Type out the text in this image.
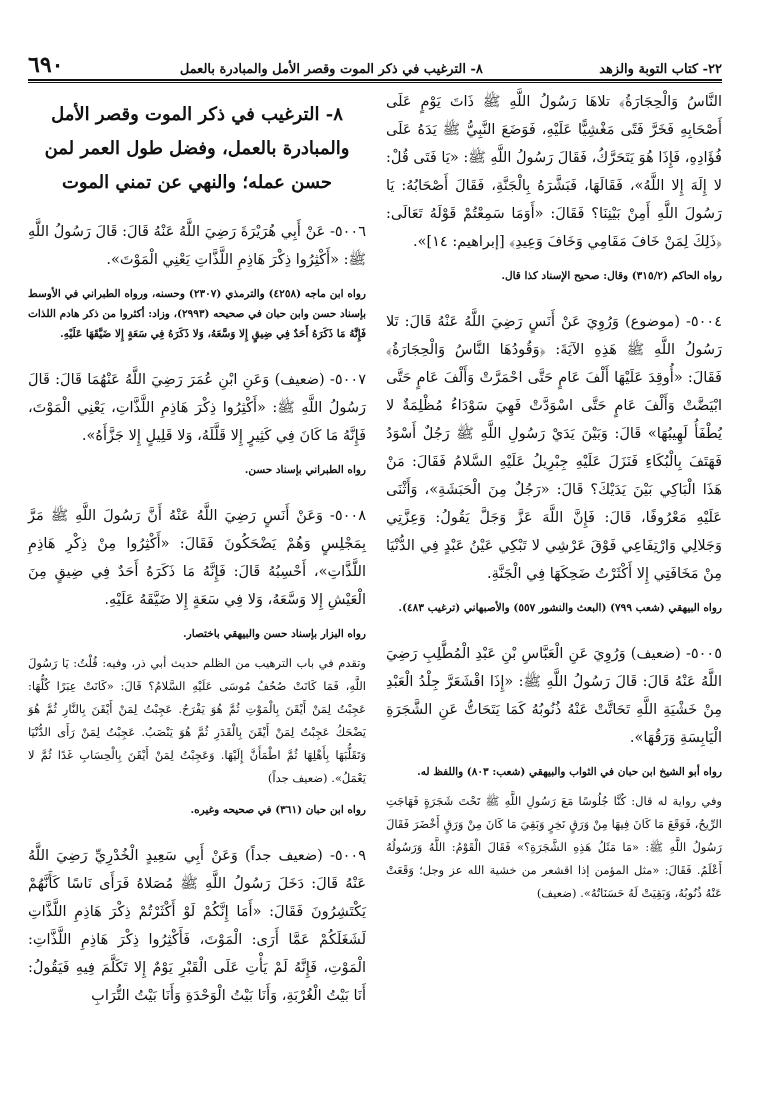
٢٢- كتاب التوبة والزهد
٨- الترغيب في ذكر الموت وقصر الأمل والمبادرة بالعمل
٦٩٠
النَّاسُ وَالْحِجَارَةُ﴾ تلاهَا رَسُولُ اللَّهِ ﷺ ذَاتَ يَوْمٍ عَلَى أَصْحَابِهِ فَخَرَّ فَتًى مَغْشِيًّا عَلَيْهِ، فَوَضَعَ النَّبِيُّ ﷺ يَدَهُ عَلَى فُؤَادِهِ، فَإِذَا هُوَ يَتَحَرَّكُ، فَقَالَ رَسُولُ اللَّهِ ﷺ: «يَا فَتَى قُلْ: لا إِلَهَ إِلا اللَّهُ»، فَقَالَهَا، فَبَشَّرَهُ بِالْجَنَّةِ، فَقَالَ أَصْحَابُهُ: يَا رَسُولَ اللَّهِ أَمِنْ بَيْنِنَا؟ فَقَالَ: «أَوَمَا سَمِعْتُمْ قَوْلَهُ تَعَالَى: ﴿ذَلِكَ لِمَنْ خَافَ مَقَامِي وَخَافَ وَعِيدِ﴾ [إبراهيم: ١٤]».
رواه الحاكم (٣١٥/٢) وقال: صحيح الإسناد كذا قال.
٥٠٠٤- (موضوع) وَرُوِيَ عَنْ أَنَسٍ رَضِيَ اللَّهُ عَنْهُ قَالَ: تَلا رَسُولُ اللَّهِ ﷺ هَذِهِ الآيَةَ: ﴿وَقُودُهَا النَّاسُ وَالْحِجَارَةُ﴾ فَقَالَ: «أُوقِدَ عَلَيْهَا أَلْفَ عَامٍ حَتَّى احْمَرَّتْ وَأَلْفَ عَامٍ حَتَّى ابْيَضَّتْ وَأَلْفَ عَامٍ حَتَّى اسْوَدَّتْ فَهِيَ سَوْدَاءُ مُظْلِمَةٌ لا يُطْفَأُ لَهِيبُهَا» قَالَ: وَبَيْنَ يَدَيْ رَسُولِ اللَّهِ ﷺ رَجُلٌ أَسْوَدُ فَهَتَفَ بِالْبُكَاءِ فَنَزَلَ عَلَيْهِ جِبْرِيلُ عَلَيْهِ السَّلامُ فَقَالَ: مَنْ هَذَا الْبَاكِي بَيْنَ يَدَيْكَ؟ قَالَ: «رَجُلٌ مِنَ الْحَبَشَةِ»، وَأَثْنَى عَلَيْهِ مَعْرُوفًا، قَالَ: فَإِنَّ اللَّهَ عَزَّ وَجَلَّ يَقُولُ: وَعِزَّتِي وَجَلالِي وَارْتِفَاعِي فَوْقَ عَرْشِي لا تَبْكِي عَيْنُ عَبْدٍ فِي الدُّنْيَا مِنْ مَخَافَتِي إِلا أَكْثَرْتُ ضَحِكَهَا فِي الْجَنَّةِ.
رواه البيهقي (شعب ٧٩٩) (البعث والنشور ٥٥٧) والأصبهاني (ترغيب ٤٨٣).
٥٠٠٥- (ضعيف) وَرُوِيَ عَنِ الْعَبَّاسِ بْنِ عَبْدِ الْمُطَّلِبِ رَضِيَ اللَّهُ عَنْهُ قَالَ: قَالَ رَسُولُ اللَّهِ ﷺ: «إِذَا اقْشَعَرَّ جِلْدُ الْعَبْدِ مِنْ خَشْيَةِ اللَّهِ تَحَاتَّتْ عَنْهُ ذُنُوبُهُ كَمَا يَتَحَاتُّ عَنِ الشَّجَرَةِ الْيَابِسَةِ وَرَقُهَا».
رواه أبو الشيخ ابن حبان في الثواب والبيهقي (شعب: ٨٠٣) واللفظ له.
وفي رواية له قال: كُنَّا جُلُوسًا مَعَ رَسُولِ اللَّهِ ﷺ تَحْتَ شَجَرَةٍ فَهَاجَتِ الرِّيحُ، فَوَقَعَ مَا كَانَ فِيهَا مِنْ وَرَقٍ نَخِرٍ وَبَقِيَ مَا كَانَ مِنْ وَرَقٍ أَخْضَرَ فَقَالَ رَسُولُ اللَّهِ ﷺ: «مَا مَثَلُ هَذِهِ الشَّجَرَةِ؟» فَقَالَ الْقَوْمُ: اللَّهُ وَرَسُولُهُ أَعْلَمُ. فَقَالَ: «مثل المؤمن إذا اقشعر من خشية الله عز وجل؛ وَقَعَتْ عَنْهُ ذُنُوبُهُ، وَبَقِيَتْ لَهُ حَسَنَاتُهُ». (ضعيف)
٨- الترغيب في ذكر الموت وقصر الأمل والمبادرة بالعمل، وفضل طول العمر لمن حسن عمله؛ والنهي عن تمني الموت
٥٠٠٦- عَنْ أَبِي هُرَيْرَةَ رَضِيَ اللَّهُ عَنْهُ قَالَ: قَالَ رَسُولُ اللَّهِ ﷺ: «أَكْثِرُوا ذِكْرَ هَاذِمِ اللَّذَّاتِ يَعْنِي الْمَوْتَ».
رواه ابن ماجه (٤٢٥٨) والترمذي (٢٣٠٧) وحسنه، ورواه الطبراني في الأوسط بإسناد حسن وابن حبان في صحيحه (٢٩٩٣)، وزاد: أكثروا من ذكر هادم اللذات فَإِنَّهُ مَا ذَكَرَهُ أَحَدٌ فِي ضِيقٍ إِلا وَسَّعَهُ، وَلا ذَكَرَهُ فِي سَعَةٍ إِلا ضَيَّقَهَا عَلَيْهِ.
٥٠٠٧- (ضعيف) وَعَنِ ابْنِ عُمَرَ رَضِيَ اللَّهُ عَنْهُمَا قَالَ: قَالَ رَسُولُ اللَّهِ ﷺ: «أَكْثِرُوا ذِكْرَ هَاذِمِ اللَّذَّاتِ، يَعْنِي الْمَوْتَ، فَإِنَّهُ مَا كَانَ فِي كَثِيرٍ إِلا قَلَّلَهُ، وَلا قَلِيلٍ إِلا جَزَّأَهُ».
رواه الطبراني بإسناد حسن.
٥٠٠٨- وَعَنْ أَنَسٍ رَضِيَ اللَّهُ عَنْهُ أَنَّ رَسُولَ اللَّهِ ﷺ مَرَّ بِمَجْلِسٍ وَهُمْ يَضْحَكُونَ فَقَالَ: «أَكْثِرُوا مِنْ ذِكْرِ هَاذِمِ اللَّذَّاتِ»، أَحْسِبُهُ قَالَ: فَإِنَّهُ مَا ذَكَرَهُ أَحَدٌ فِي ضِيقٍ مِنَ الْعَيْشِ إِلا وَسَّعَهُ، وَلا فِي سَعَةٍ إِلا ضَيَّقَهُ عَلَيْهِ.
رواه البزار بإسناد حسن والبيهقي باختصار.
وتقدم في باب الترهيب من الظلم حديث أبي ذر، وفيه: قُلْتُ: يَا رَسُولَ اللَّهِ، فَمَا كَانَتْ صُحُفُ مُوسَى عَلَيْهِ السَّلامُ؟ قَالَ: «كَانَتْ عِبَرًا كُلُّهَا: عَجِبْتُ لِمَنْ أَيْقَنَ بِالْمَوْتِ ثُمَّ هُوَ يَفْرَحُ. عَجِبْتُ لِمَنْ أَيْقَنَ بِالنَّارِ ثُمَّ هُوَ يَضْحَكُ عَجِبْتُ لِمَنْ أَيْقَنَ بِالْقَدَرِ ثُمَّ هُوَ يَنْصَبُ. عَجِبْتُ لِمَنْ رَأَى الدُّنْيَا وَتَقَلُّبَهَا بِأَهْلِهَا ثُمَّ اطْمَأَنَّ إِلَيْهَا. وَعَجِبْتُ لِمَنْ أَيْقَنَ بِالْحِسَابِ غَدًا ثُمَّ لا يَعْمَلُ». (ضعيف جداً)
رواه ابن حبان (٣٦١) في صحيحه وغيره.
٥٠٠٩- (ضعيف جداً) وَعَنْ أَبِي سَعِيدٍ الْخُدْرِيِّ رَضِيَ اللَّهُ عَنْهُ قَالَ: دَخَلَ رَسُولُ اللَّهِ ﷺ مُصَلاهُ فَرَأَى نَاسًا كَأَنَّهُمْ يَكْتَشِرُونَ فَقَالَ: «أَمَا إِنَّكُمْ لَوْ أَكْثَرْتُمْ ذِكْرَ هَاذِمِ اللَّذَّاتِ لَشَغَلَكُمْ عَمَّا أَرَى: الْمَوْتَ، فَأَكْثِرُوا ذِكْرَ هَاذِمِ اللَّذَّاتِ: الْمَوْتِ، فَإِنَّهُ لَمْ يَأْتِ عَلَى الْقَبْرِ يَوْمٌ إِلا تَكَلَّمَ فِيهِ فَيَقُولُ: أَنَا بَيْتُ الْغُرْبَةِ، وَأَنَا بَيْتُ الْوَحْدَةِ وَأَنَا بَيْتُ التُّرَابِ
